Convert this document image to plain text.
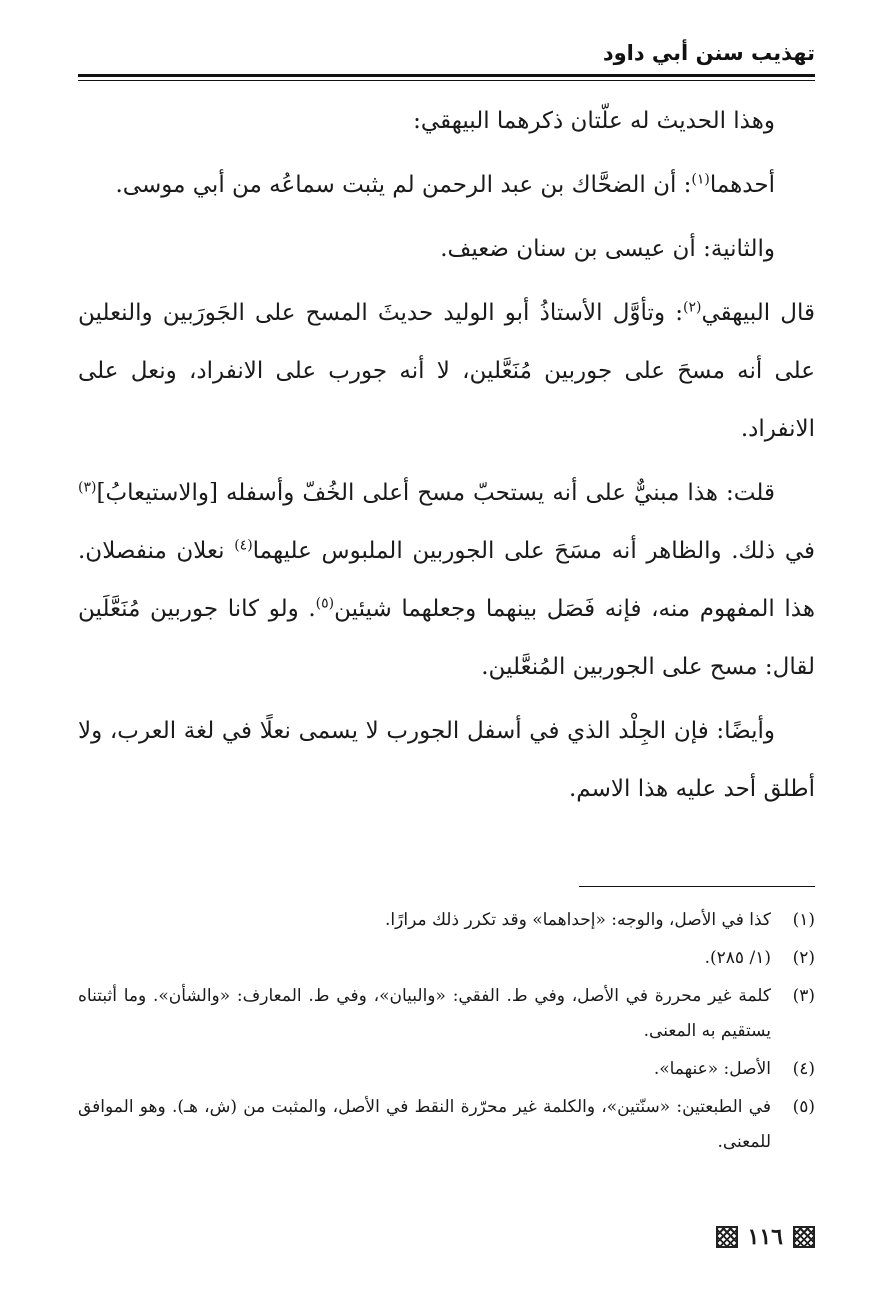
تهذيب سنن أبي داود

وهذا الحديث له علّتان ذكرهما البيهقي:

أحدهما$^{(١)}$: أن الضحَّاك بن عبد الرحمن لم يثبت سماعُه من أبي موسى.

والثانية: أن عيسى بن سنان ضعيف.

قال البيهقي$^{(٢)}$: وتأوَّل الأستاذُ أبو الوليد حديثَ المسح على الجَورَبين والنعلين على أنه مسحَ على جوربين مُنَعَّلين، لا أنه جورب على الانفراد، ونعل على الانفراد.

قلت: هذا مبنيٌّ على أنه يستحبّ مسح أعلى الخُفّ وأسفله [والاستيعابُ]$^{(٣)}$ في ذلك. والظاهر أنه مسَحَ على الجوربين الملبوس عليهما$^{(٤)}$ نعلان منفصلان. هذا المفهوم منه، فإنه فَصَل بينهما وجعلهما شيئين$^{(٥)}$. ولو كانا جوربين مُنَعَّلَين لقال: مسح على الجوربين المُنعَّلين.

وأيضًا: فإن الجِلْد الذي في أسفل الجورب لا يسمى نعلًا في لغة العرب، ولا أطلق أحد عليه هذا الاسم.

(١)
كذا في الأصل، والوجه: «إحداهما» وقد تكرر ذلك مرارًا.
(٢)
(١/ ٢٨٥).
(٣)
كلمة غير محررة في الأصل، وفي ط. الفقي: «والبيان»، وفي ط. المعارف: «والشأن». وما أثبتناه يستقيم به المعنى.
(٤)
الأصل: «عنهما».
(٥)
في الطبعتين: «سنّتين»، والكلمة غير محرّرة النقط في الأصل، والمثبت من (ش، هـ). وهو الموافق للمعنى.
١١٦
